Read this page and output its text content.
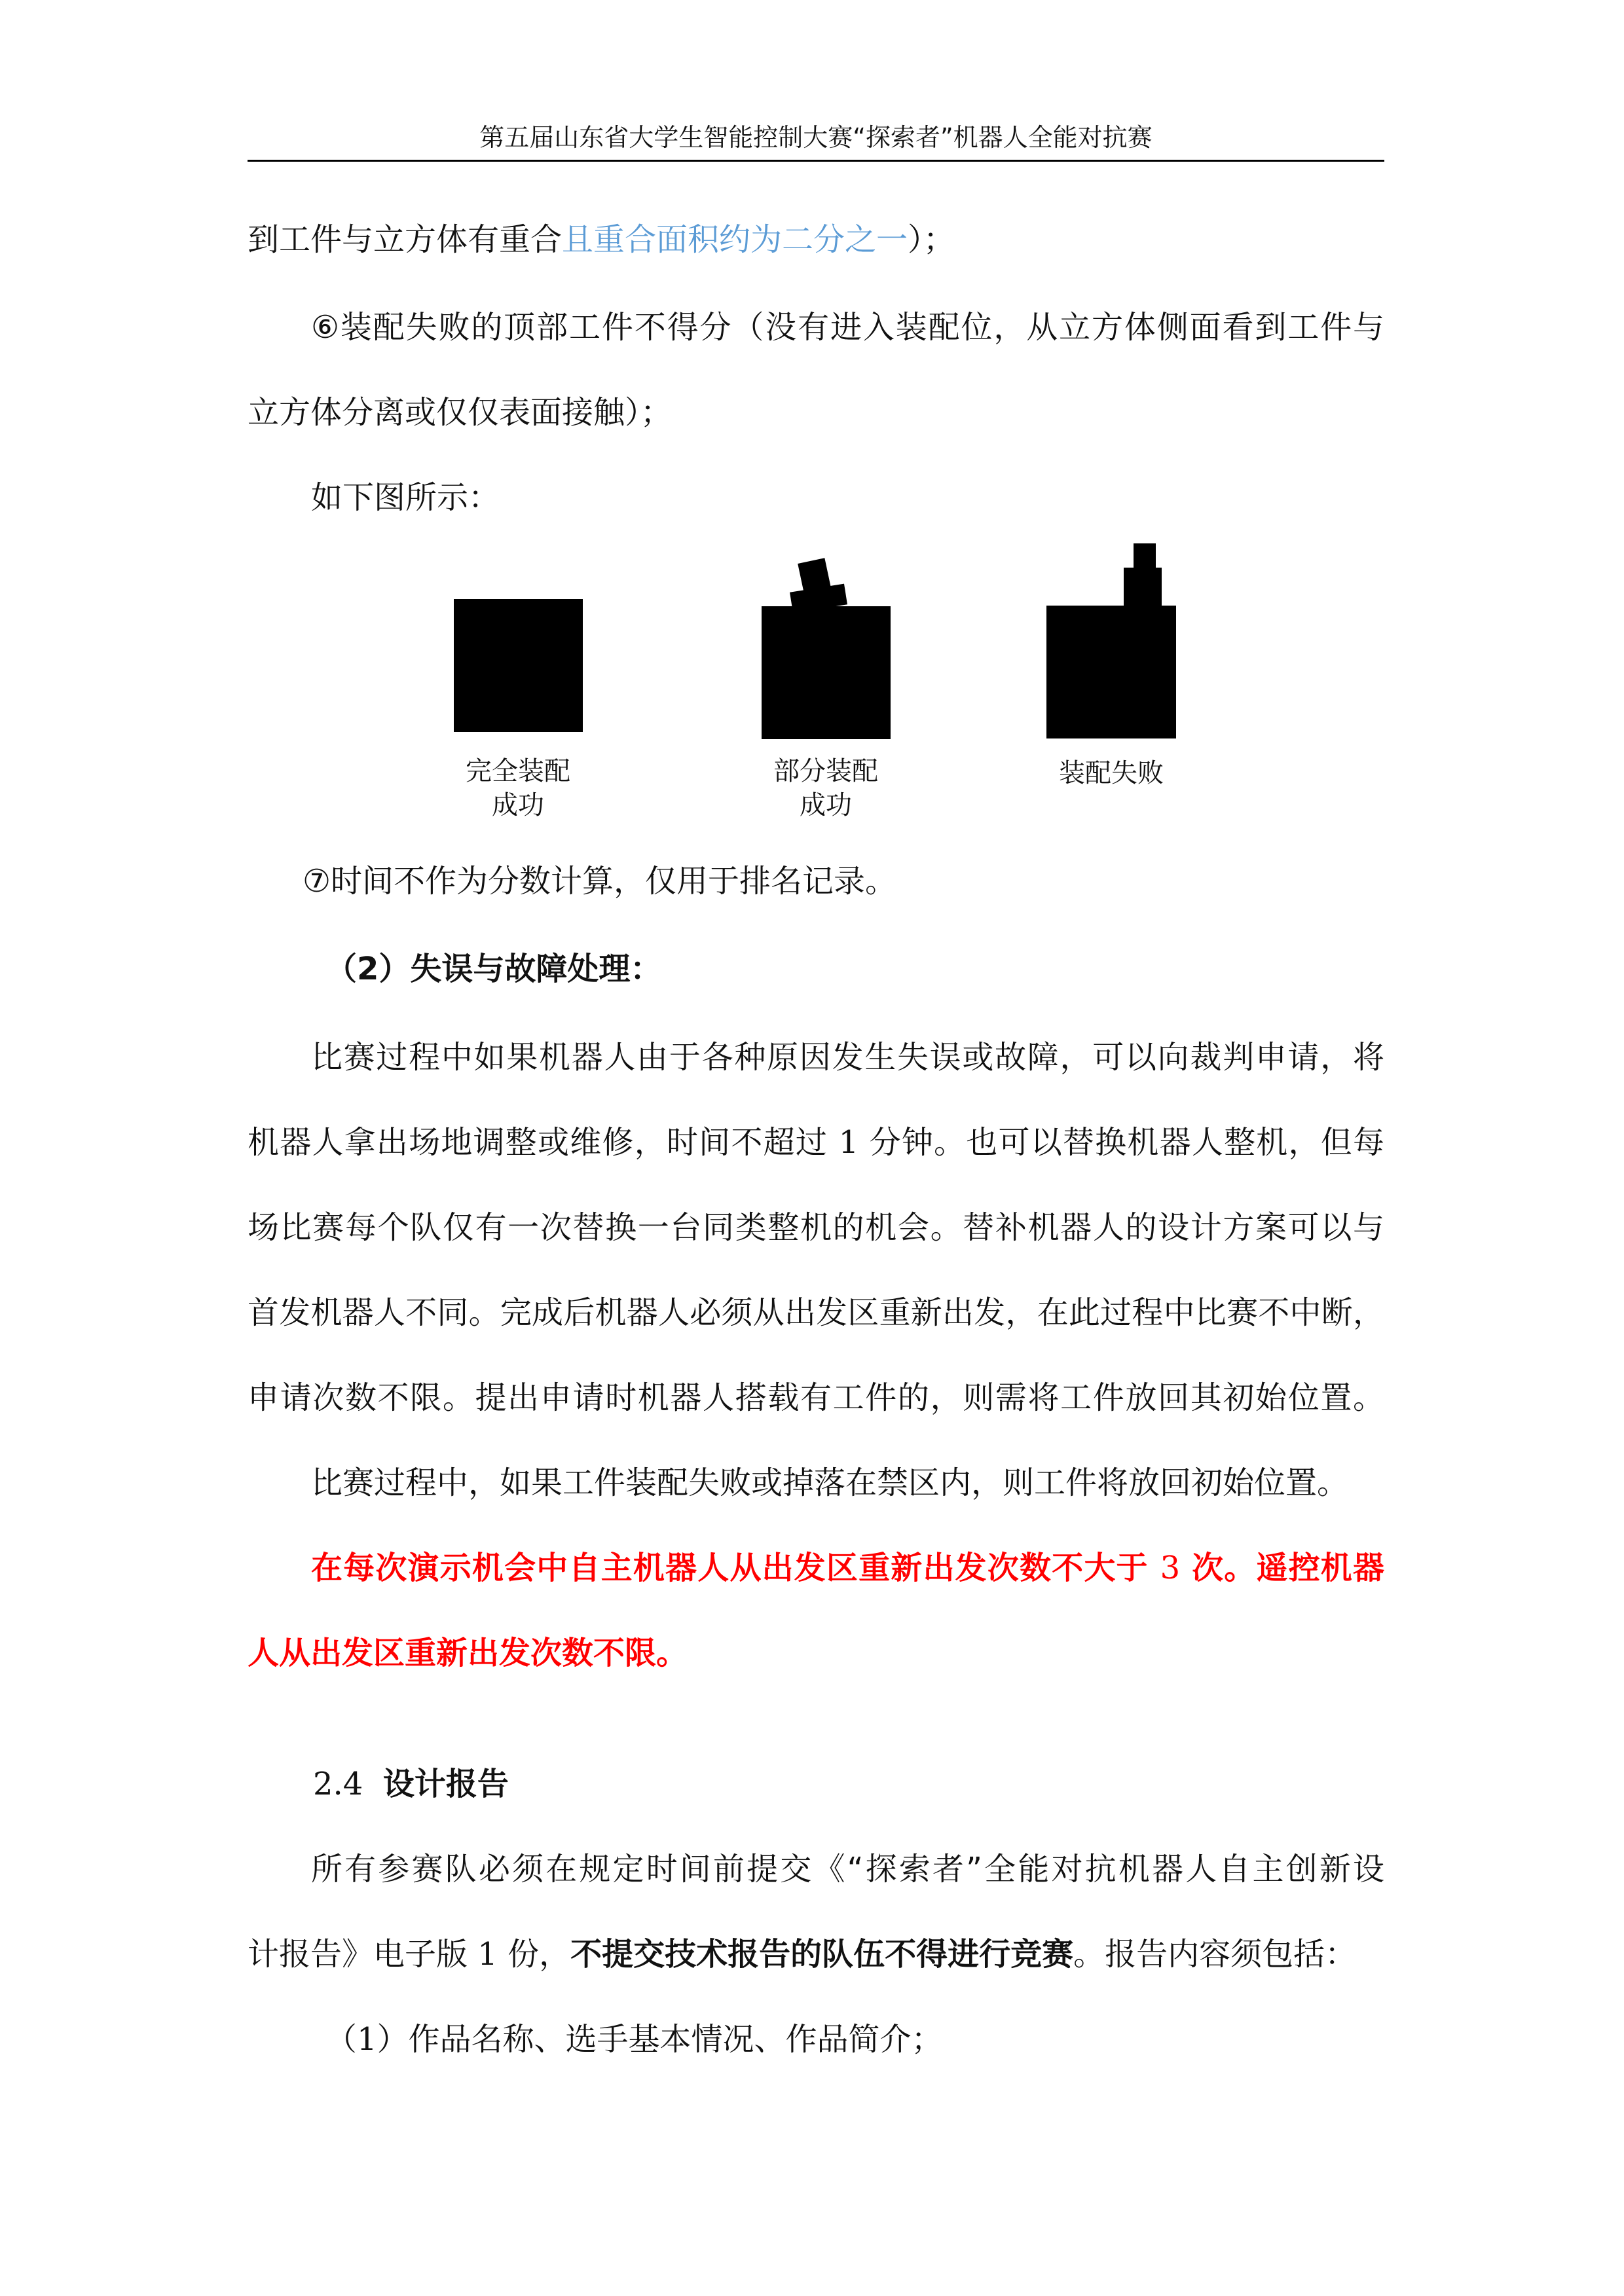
第五届山东省大学生智能控制大赛“探索者”机器人全能对抗赛
到工件与立方体有重合且重合面积约为二分之一）；
⑥装配失败的顶部工件不得分（没有进入装配位，从立方体侧面看到工件与
立方体分离或仅仅表面接触）；
如下图所示：
完全装配
成功
部分装配
成功
装配失败
⑦时间不作为分数计算，仅用于排名记录。
（2）失误与故障处理：
比赛过程中如果机器人由于各种原因发生失误或故障，可以向裁判申请，将
机器人拿出场地调整或维修，时间不超过 1 分钟。也可以替换机器人整机，但每
场比赛每个队仅有一次替换一台同类整机的机会。替补机器人的设计方案可以与
首发机器人不同。完成后机器人必须从出发区重新出发，在此过程中比赛不中断，
申请次数不限。提出申请时机器人搭载有工件的，则需将工件放回其初始位置。
比赛过程中，如果工件装配失败或掉落在禁区内，则工件将放回初始位置。
在每次演示机会中自主机器人从出发区重新出发次数不大于 3 次。遥控机器
人从出发区重新出发次数不限。
2.4 设计报告
所有参赛队必须在规定时间前提交《“探索者”全能对抗机器人自主创新设
计报告》电子版 1 份，不提交技术报告的队伍不得进行竞赛。报告内容须包括：
（1）作品名称、选手基本情况、作品简介；
